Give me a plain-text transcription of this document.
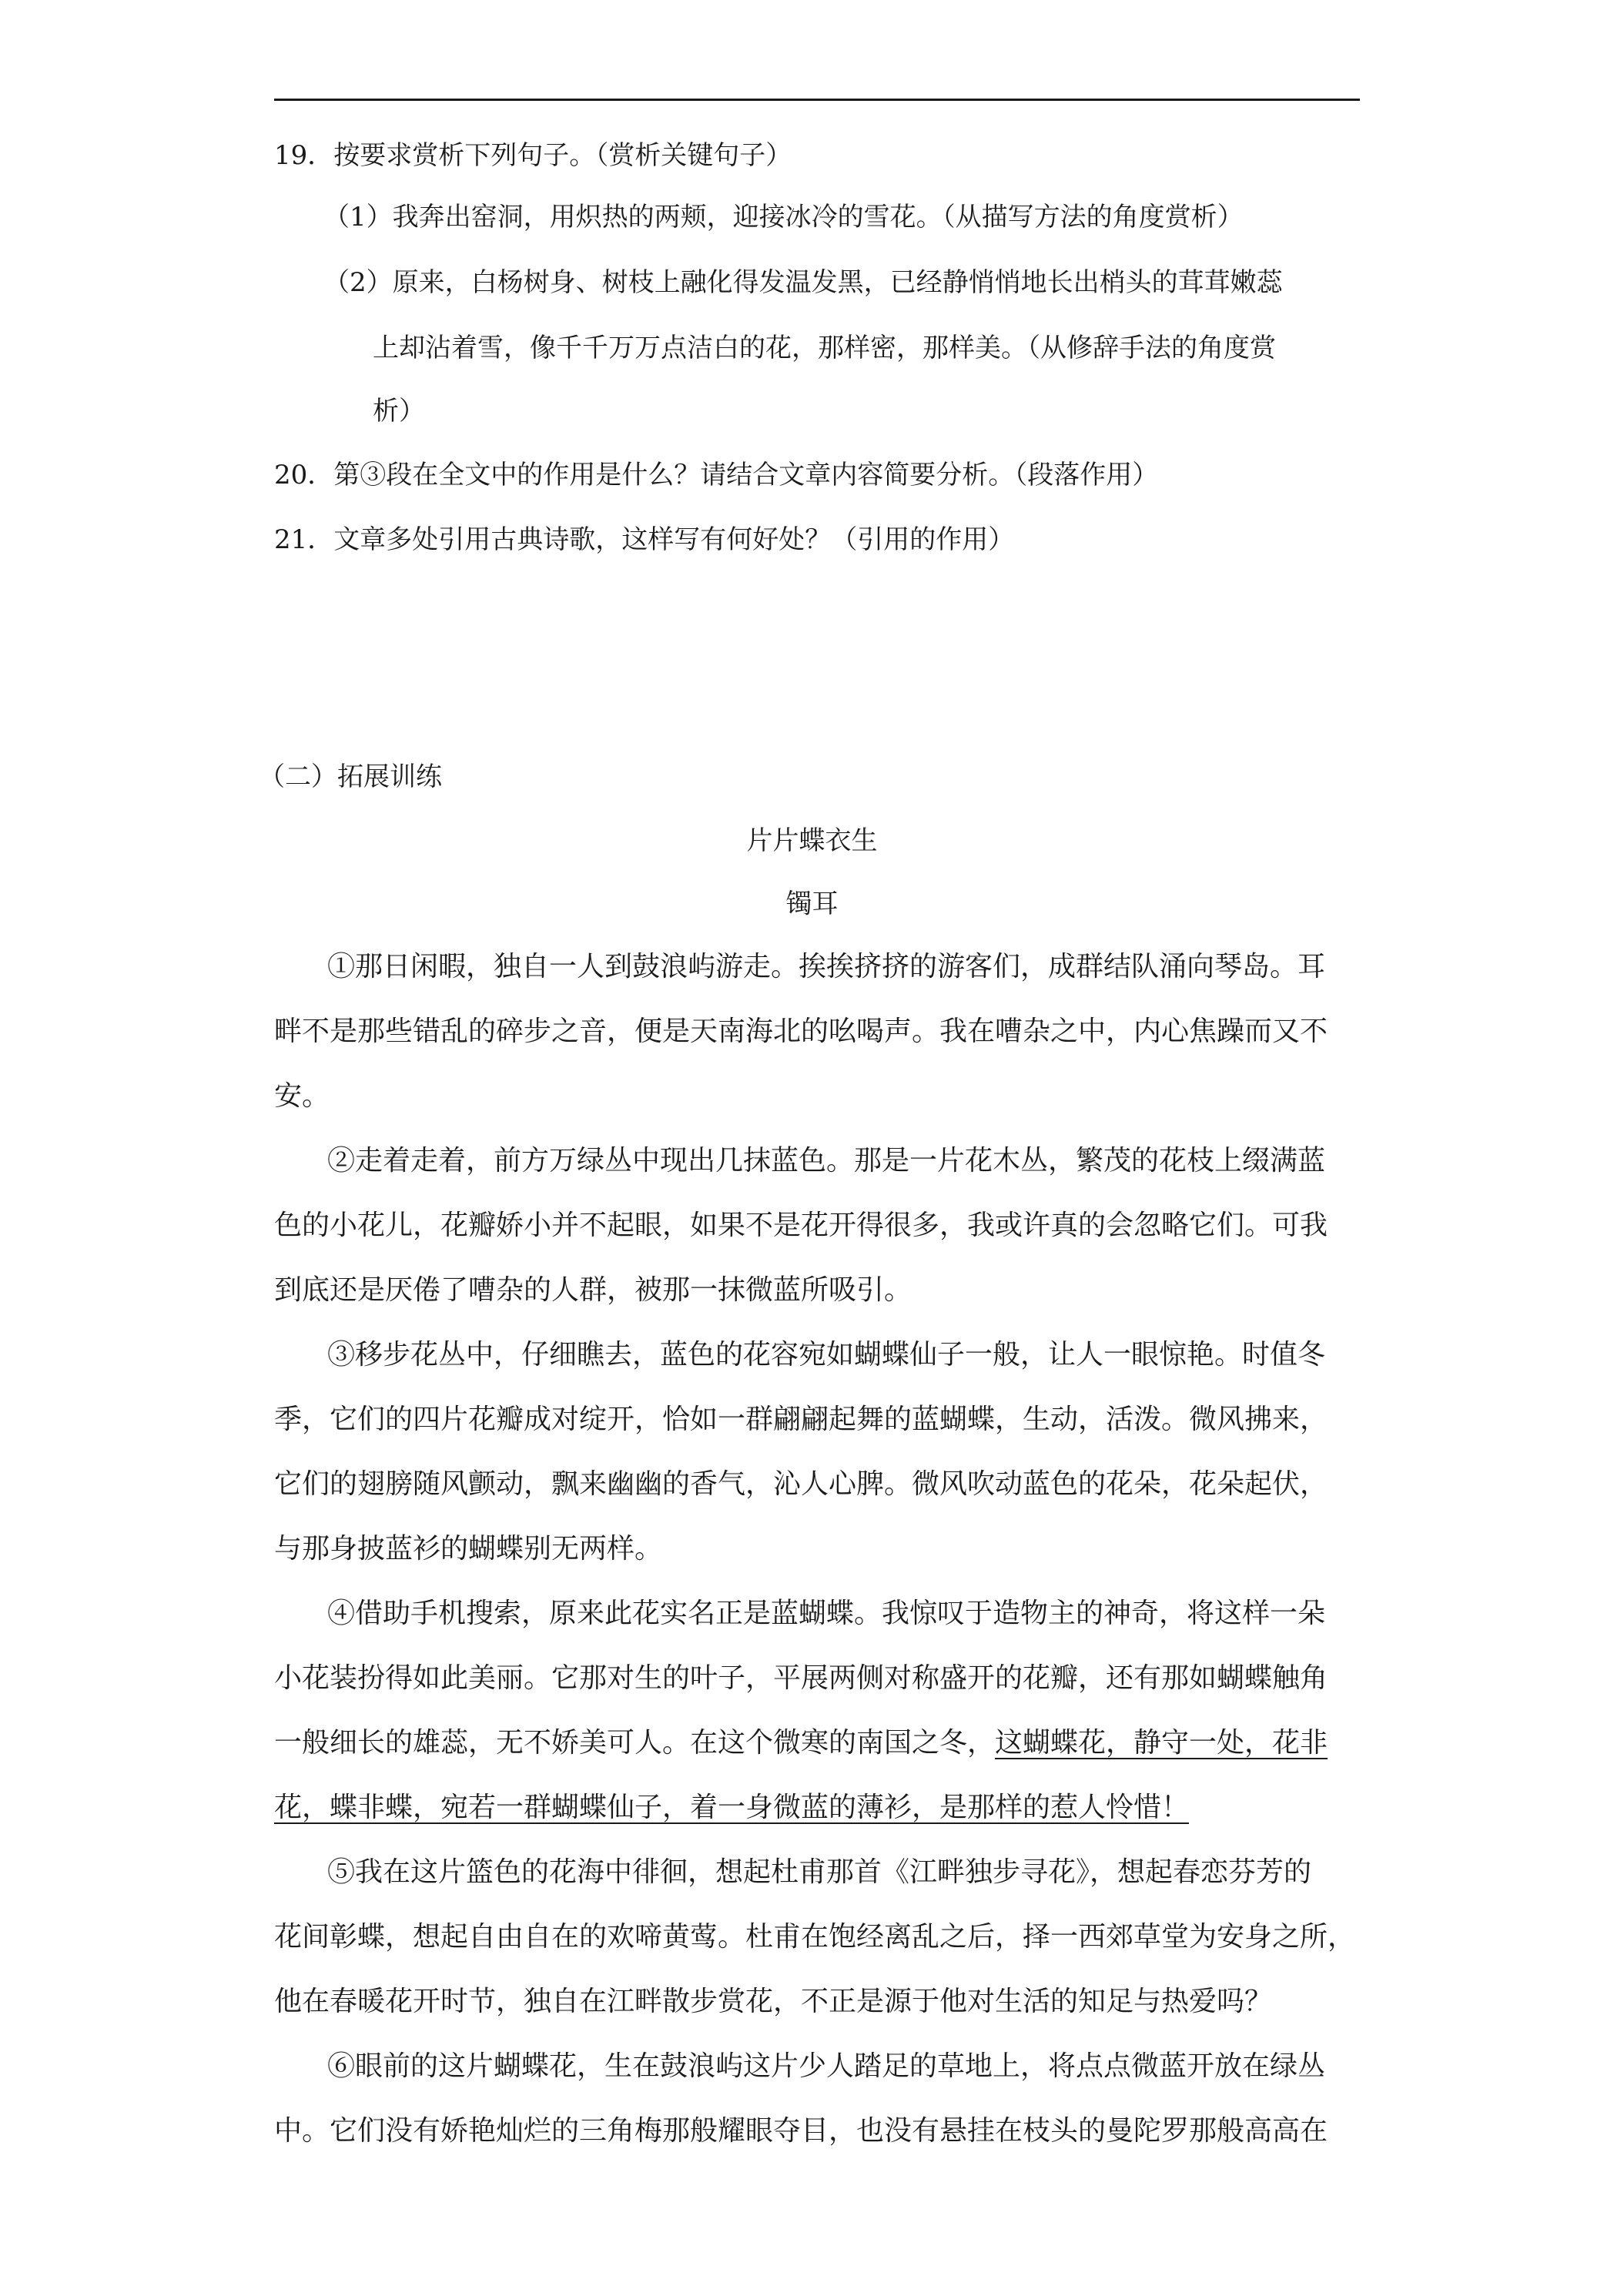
19．按要求赏析下列句子。（赏析关键句子）
（1）我奔出窑洞，用炽热的两颊，迎接冰冷的雪花。（从描写方法的角度赏析）
（2）原来，白杨树身、树枝上融化得发温发黑，已经静悄悄地长出梢头的茸茸嫩蕊
上却沾着雪，像千千万万点洁白的花，那样密，那样美。（从修辞手法的角度赏
析）
20．第③段在全文中的作用是什么？请结合文章内容简要分析。（段落作用）
21．文章多处引用古典诗歌，这样写有何好处？（引用的作用）
（二）拓展训练
片片蝶衣生
镯耳
①那日闲暇，独自一人到鼓浪屿游走。挨挨挤挤的游客们，成群结队涌向琴岛。耳
畔不是那些错乱的碎步之音，便是天南海北的吆喝声。我在嘈杂之中，内心焦躁而又不
安。
②走着走着，前方万绿丛中现出几抹蓝色。那是一片花木丛，繁茂的花枝上缀满蓝
色的小花儿，花瓣娇小并不起眼，如果不是花开得很多，我或许真的会忽略它们。可我
到底还是厌倦了嘈杂的人群，被那一抹微蓝所吸引。
③移步花丛中，仔细瞧去，蓝色的花容宛如蝴蝶仙子一般，让人一眼惊艳。时值冬
季，它们的四片花瓣成对绽开，恰如一群翩翩起舞的蓝蝴蝶，生动，活泼。微风拂来，
它们的翅膀随风颤动，飘来幽幽的香气，沁人心脾。微风吹动蓝色的花朵，花朵起伏，
与那身披蓝衫的蝴蝶别无两样。
④借助手机搜索，原来此花实名正是蓝蝴蝶。我惊叹于造物主的神奇，将这样一朵
小花装扮得如此美丽。它那对生的叶子，平展两侧对称盛开的花瓣，还有那如蝴蝶触角
一般细长的雄蕊，无不娇美可人。在这个微寒的南国之冬，这蝴蝶花，静守一处，花非
花，蝶非蝶，宛若一群蝴蝶仙子，着一身微蓝的薄衫，是那样的惹人怜惜！
⑤我在这片篮色的花海中徘徊，想起杜甫那首《江畔独步寻花》，想起春恋芬芳的
花间彰蝶，想起自由自在的欢啼黄莺。杜甫在饱经离乱之后，择一西郊草堂为安身之所，
他在春暖花开时节，独自在江畔散步赏花，不正是源于他对生活的知足与热爱吗？
⑥眼前的这片蝴蝶花，生在鼓浪屿这片少人踏足的草地上，将点点微蓝开放在绿丛
中。它们没有娇艳灿烂的三角梅那般耀眼夺目，也没有悬挂在枝头的曼陀罗那般高高在
